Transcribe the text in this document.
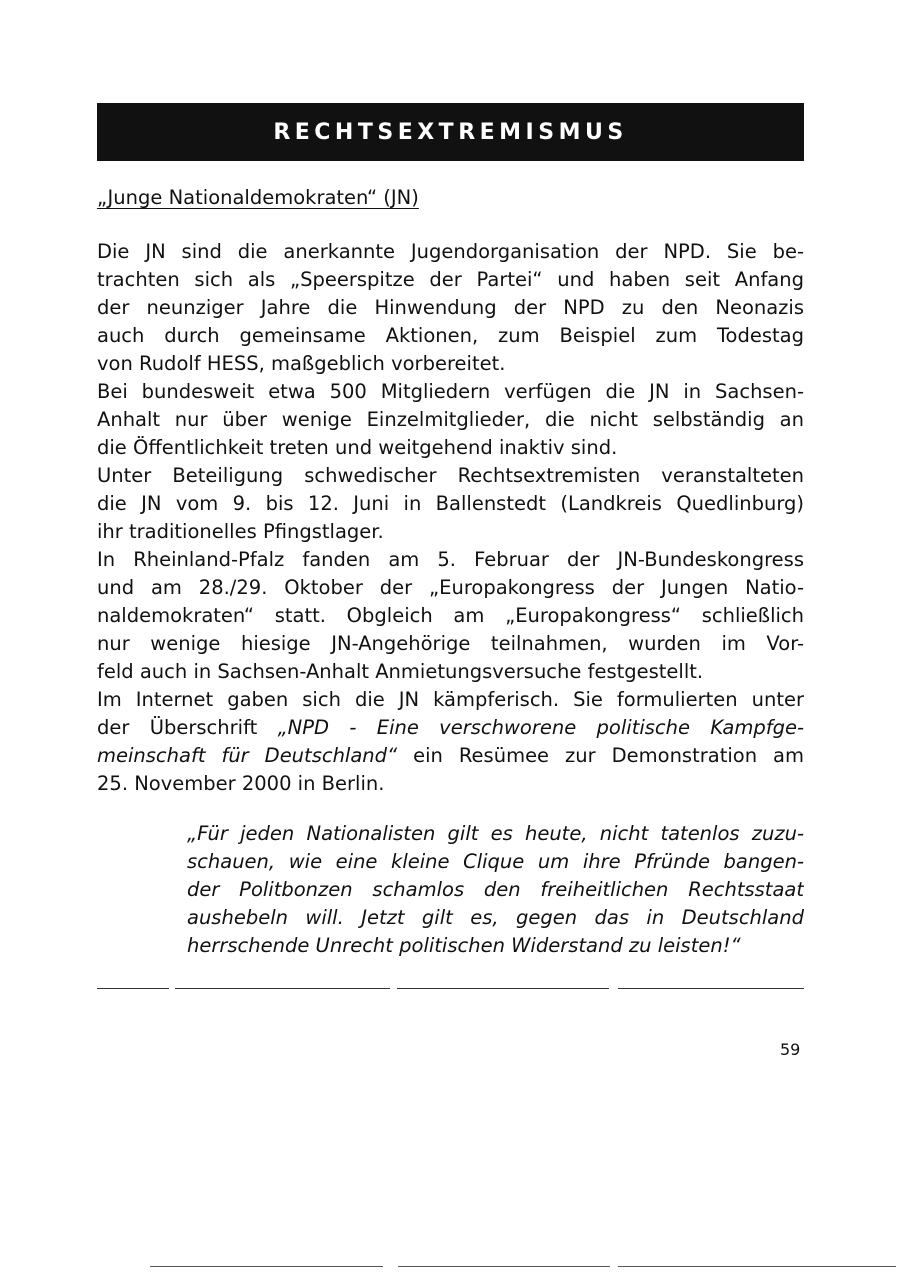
RECHTSEXTREMISMUS
„Junge Nationaldemokraten“ (JN)
Die JN sind die anerkannte Jugendorganisation der NPD. Sie be-
trachten sich als „Speerspitze der Partei“ und haben seit Anfang
der neunziger Jahre die Hinwendung der NPD zu den Neonazis
auch durch gemeinsame Aktionen, zum Beispiel zum Todestag
von Rudolf HESS, maßgeblich vorbereitet.
Bei bundesweit etwa 500 Mitgliedern verfügen die JN in Sachsen-
Anhalt nur über wenige Einzelmitglieder, die nicht selbständig an
die Öffentlichkeit treten und weitgehend inaktiv sind.
Unter Beteiligung schwedischer Rechtsextremisten veranstalteten
die JN vom 9. bis 12. Juni in Ballenstedt (Landkreis Quedlinburg)
ihr traditionelles Pfingstlager.
In Rheinland-Pfalz fanden am 5. Februar der JN-Bundeskongress
und am 28./29. Oktober der „Europakongress der Jungen Natio-
naldemokraten“ statt. Obgleich am „Europakongress“ schließlich
nur wenige hiesige JN-Angehörige teilnahmen, wurden im Vor-
feld auch in Sachsen-Anhalt Anmietungsversuche festgestellt.
Im Internet gaben sich die JN kämpferisch. Sie formulierten unter
der Überschrift „NPD - Eine verschworene politische Kampfge-
meinschaft für Deutschland“ ein Resümee zur Demonstration am
25. November 2000 in Berlin.
„Für jeden Nationalisten gilt es heute, nicht tatenlos zuzu-
schauen, wie eine kleine Clique um ihre Pfründe bangen-
der Politbonzen schamlos den freiheitlichen Rechtsstaat
aushebeln will. Jetzt gilt es, gegen das in Deutschland
herrschende Unrecht politischen Widerstand zu leisten!“
59
